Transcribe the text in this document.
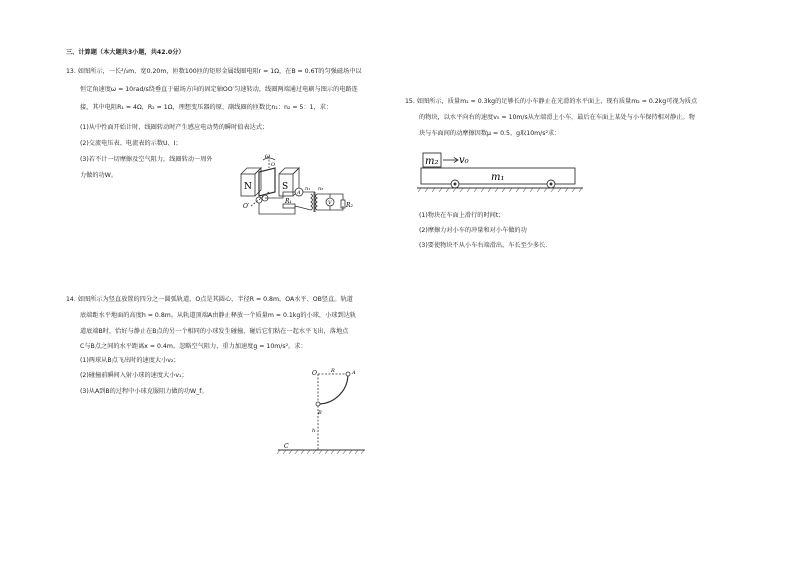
三、计算题（本大题共3小题，共42.0分）
13. 如图所示，一长²/₃m、宽0.20m，匝数100匝的矩形金属线圈电阻r = 1Ω，在B = 0.6T的匀强磁场中以
恒定角速度ω = 10rad/s绕垂直于磁场方向的固定轴OO′匀速转动，线圈两端通过电刷与图示的电路连
接，其中电阻R₁ = 4Ω，R₂ = 1Ω，理想变压器的原、副线圈的匝数比n₁：n₂ = 5：1，求：
(1)从中性面开始计时，线圈转动时产生感应电动势的瞬时值表达式；
(2)交流电压表、电流表的示数U、I；
(3)若不计一切摩擦及空气阻力，线圈转动一周外
力做的功W。
N	S
ω
O
O′
A
n₁ n₂
V
R₁
R₂
14. 如图所示为竖直放置的四分之一圆弧轨道，O点是其圆心，半径R = 0.8m，OA水平、OB竖直。轨道
底端距水平地面的高度h = 0.8m。从轨道顶端A由静止释放一个质量m = 0.1kg的小球，小球到达轨
道底端B时，恰好与静止在B点的另一个相同的小球发生碰撞，碰后它们粘在一起水平飞出，落地点
C与B点之间的水平距离x = 0.4m。忽略空气阻力，重力加速度g = 10m/s²。求：
(1)两球从B点飞出时的速度大小v₂；
(2)碰撞前瞬间入射小球的速度大小v₁；
(3)从A到B的过程中小球克服阻力做的功W_f。
O	R	A
B
h
C
15. 如图所示，质量m₁ = 0.3kg的足够长的小车静止在光滑的水平面上，现有质量m₂ = 0.2kg可视为质点
的物块，以水平向右的速度v₀ = 10m/s从左端滑上小车，最后在车面上某处与小车保持相对静止。物
块与车面间的动摩擦因数μ = 0.5，g取10m/s²求：
m₂ v₀
m₁
(1)物块在车面上滑行的时间t；
(2)摩擦力对小车的冲量和对小车做的功
(3)要使物块不从小车右端滑出，车长至少多长．
